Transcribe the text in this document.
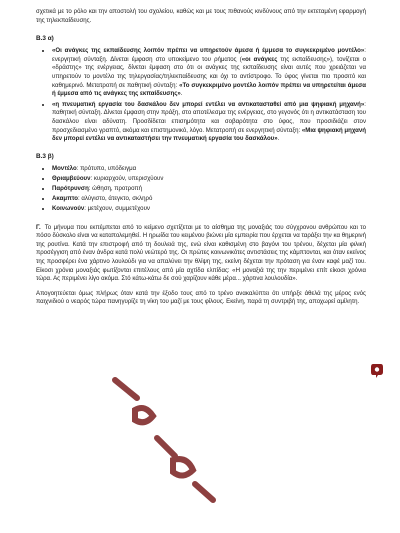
σχετικά με το ρόλο και την αποστολή του σχολείου, καθώς και με τους πιθανούς κινδύνους από την εκτεταμένη εφαρμογή της τηλεκπαίδευσης.

Β.3 α)
• «Οι ανάγκες της εκπαίδευσης λοιπόν πρέπει να υπηρετούν άμεσα ή έμμεσα το συγκεκριμένο μοντέλο»: ενεργητική σύνταξη. Δίνεται έμφαση στο υποκείμενο του ρήματος («οι ανάγκες της εκπαίδευσης»), τονίζεται ο «δράστης» της ενέργειας, δίνεται έμφαση στο ότι οι ανάγκες της εκπαίδευσης είναι αυτές που χρειάζεται να υπηρετούν το μοντέλο της τηλεργασίας/τηλεκπαίδευσης και όχι το αντίστροφο. Το ύφος γίνεται πιο προσιτό και καθημερινό. Μετατροπή σε παθητική σύνταξη: «Το συγκεκριμένο μοντέλο λοιπόν πρέπει να υπηρετείται άμεσα ή έμμεσα από τις ανάγκες της εκπαίδευσης».
• «η πνευματική εργασία του δασκάλου δεν μπορεί εντέλει να αντικατασταθεί από μια ψηφιακή μηχανή»: παθητική σύνταξη. Δίνεται έμφαση στην πράξη, στο αποτέλεσμα της ενέργειας, στο γεγονός ότι η αντικατάσταση του δασκάλου είναι αδύνατη. Προσδίδεται επισημότητα και σοβαρότητα στο ύφος, που προσιδιάζει στον προσχεδιασμένο γραπτό, ακόμα και επιστημονικό, λόγο. Μετατροπή σε ενεργητική σύνταξη: «Μια ψηφιακή μηχανή δεν μπορεί εντέλει να αντικαταστήσει την πνευματική εργασία του δασκάλου».
Β.3 β)
• Μοντέλο: πρότυπο, υπόδειγμα
• Θριαμβεύουν: κυριαρχούν, υπερισχύουν
• Παρότρυνση: ώθηση, προτροπή
• Ακαμπτο: αλύγιστο, άτεγκτο, σκληρό
• Κοινωνούν: μετέχουν, συμμετέχουν

Γ. Το μήνυμα που εκπέμπεται από το κείμενο σχετίζεται με το αίσθημα της μοναξιάς του σύγχρονου ανθρώπου και το πόσο δύσκολο είναι να καταπολεμηθεί. Η ηρωίδα του κειμένου βιώνει μία εμπειρία που έρχεται να ταράξει την κα θημερινή της ρουτίνα. Κατά την επιστροφή από τη δουλειά της, ενώ είναι καθισμένη στο βαγόνι του τρένου, δέχεται μία φιλική προσέγγιση από έναν άνδρα κατά πολύ νεώτερό της. Οι πρώτες κοινωνικότες αντιστάσεις της κάμπτονται, και όταν εκείνος της προσφέρει ένα χάρτινο λουλούδι για να απαλύνει την θλίψη της, εκείνη δέχεται την πρόταση για έναν καφέ μαζί του. Είκοσι χρόνια μοναξιάς φωτίζονται επιτέλους από μία αχτίδα ελπίδας: «Η μοναξιά της την περιμένει επίτ είκοσι χρόνια τώρα. Ας περιμένει λίγο ακόμα. Στό κάτω-κάτω δε σού χαρίζουν κάθε μέρα... χάρτινα λουλουδία».

Απογοητεύεται όμως πλήρως όταν κατά την έξοδο τους από το τρένο ανακαλύπτει ότι υπήρξε άθελά της μέρος ενός παιχνιδιού ο νεαρός τώρα πανηγυρίζε τη νίκη του μαζί με τους φίλους. Εκείνη, παρά τη συντριβή της, αποχωρεί αμίλητη.
